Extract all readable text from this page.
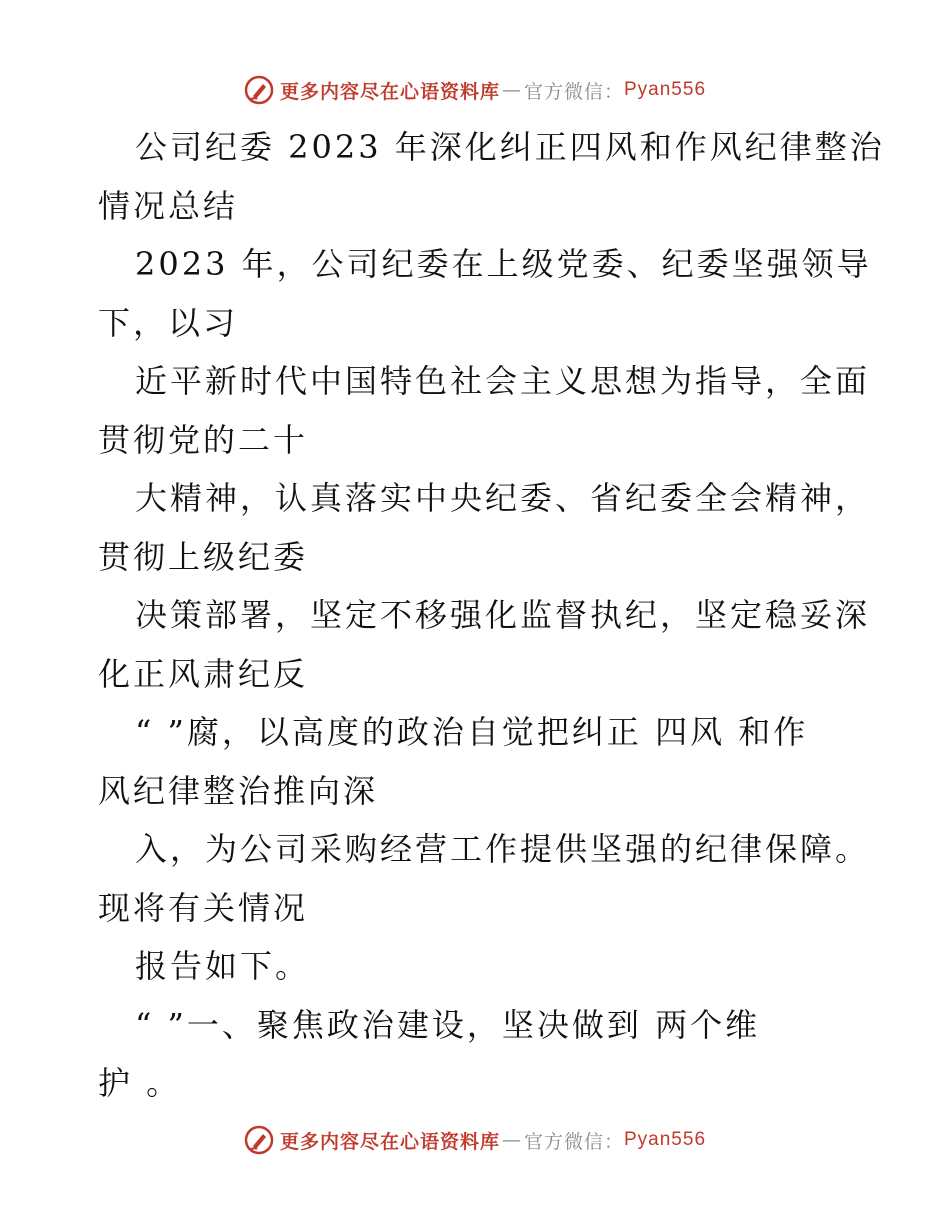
更多内容尽在心语资料库 — 官方微信： Pyan556
公司纪委 2023 年深化纠正四风和作风纪律整治
情况总结
2023 年，公司纪委在上级党委、纪委坚强领导
下，以习
近平新时代中国特色社会主义思想为指导，全面
贯彻党的二十
大精神，认真落实中央纪委、省纪委全会精神，
贯彻上级纪委
决策部署，坚定不移强化监督执纪，坚定稳妥深
化正风肃纪反
“ ”腐，以高度的政治自觉把纠正 四风 和作
风纪律整治推向深
入，为公司采购经营工作提供坚强的纪律保障。
现将有关情况
报告如下。
“ ”一、聚焦政治建设，坚决做到 两个维
护 。
更多内容尽在心语资料库 — 官方微信： Pyan556
